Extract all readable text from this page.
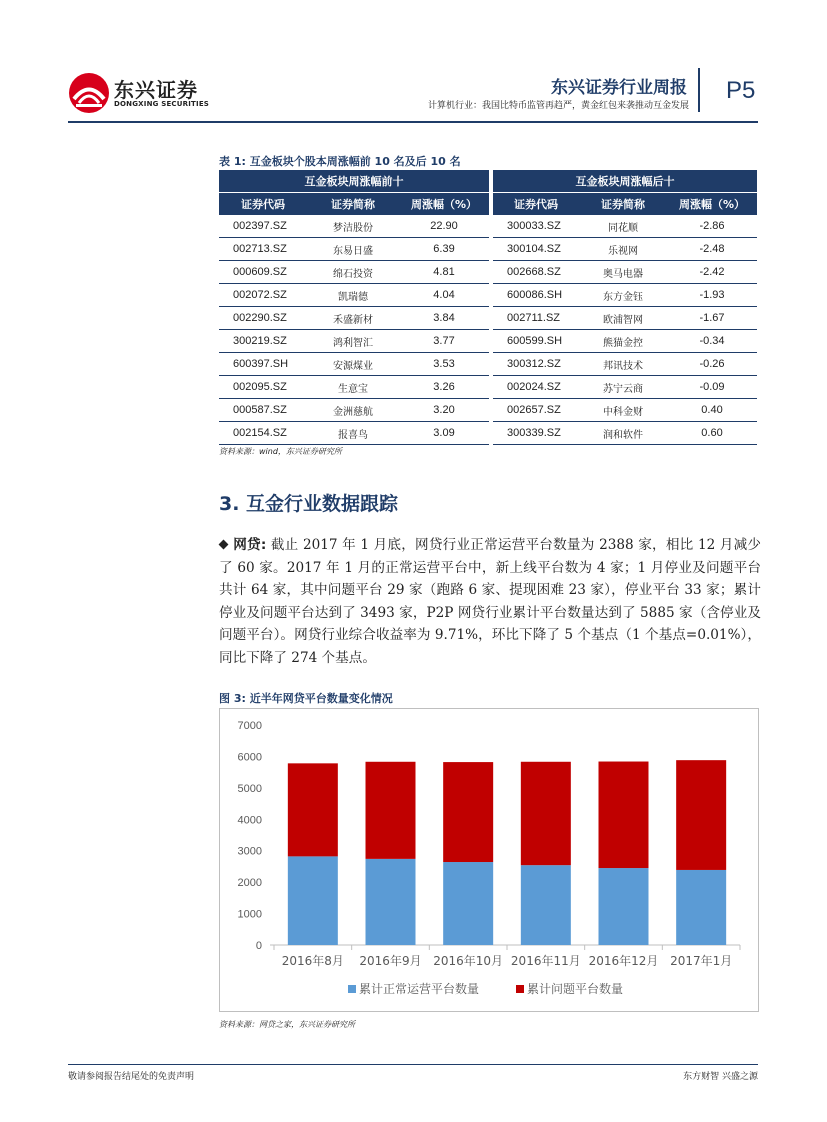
东兴证券
DONGXING SECURITIES
东兴证券行业周报
计算机行业：我国比特币监管再趋严，黄金红包来袭推动互金发展
P5
表 1: 互金板块个股本周涨幅前 10 名及后 10 名
互金板块周涨幅前十				互金板块周涨幅后十		
证券代码	证券简称	周涨幅（%）		证券代码	证券简称	周涨幅（%）
002397.SZ	梦洁股份	22.90		300033.SZ	同花顺	-2.86
002713.SZ	东易日盛	6.39		300104.SZ	乐视网	-2.48
000609.SZ	绵石投资	4.81		002668.SZ	奥马电器	-2.42
002072.SZ	凯瑞德	4.04		600086.SH	东方金钰	-1.93
002290.SZ	禾盛新材	3.84		002711.SZ	欧浦智网	-1.67
300219.SZ	鸿利智汇	3.77		600599.SH	熊猫金控	-0.34
600397.SH	安源煤业	3.53		300312.SZ	邦讯技术	-0.26
002095.SZ	生意宝	3.26		002024.SZ	苏宁云商	-0.09
000587.SZ	金洲慈航	3.20		002657.SZ	中科金财	0.40
002154.SZ	报喜鸟	3.09		300339.SZ	润和软件	0.60
资料来源：wind，东兴证券研究所
3. 互金行业数据跟踪
网贷: 截止 2017 年 1 月底，网贷行业正常运营平台数量为 2388 家，相比 12 月减少了 60 家。2017 年 1 月的正常运营平台中，新上线平台数为 4 家；1 月停业及问题平台共计 64 家，其中问题平台 29 家（跑路 6 家、提现困难 23 家），停业平台 33 家；累计停业及问题平台达到了 3493 家，P2P 网贷行业累计平台数量达到了 5885 家（含停业及问题平台）。网贷行业综合收益率为 9.71%，环比下降了 5 个基点（1 个基点=0.01%），同比下降了 274 个基点。
图 3: 近半年网贷平台数量变化情况
0
1000
2000
3000
4000
5000
6000
7000
2016年8月 2016年9月 2016年10月 2016年11月 2016年12月 2017年1月
累计正常运营平台数量	累计问题平台数量
资料来源：网贷之家，东兴证券研究所
敬请参阅报告结尾处的免责声明	东方财智 兴盛之源
